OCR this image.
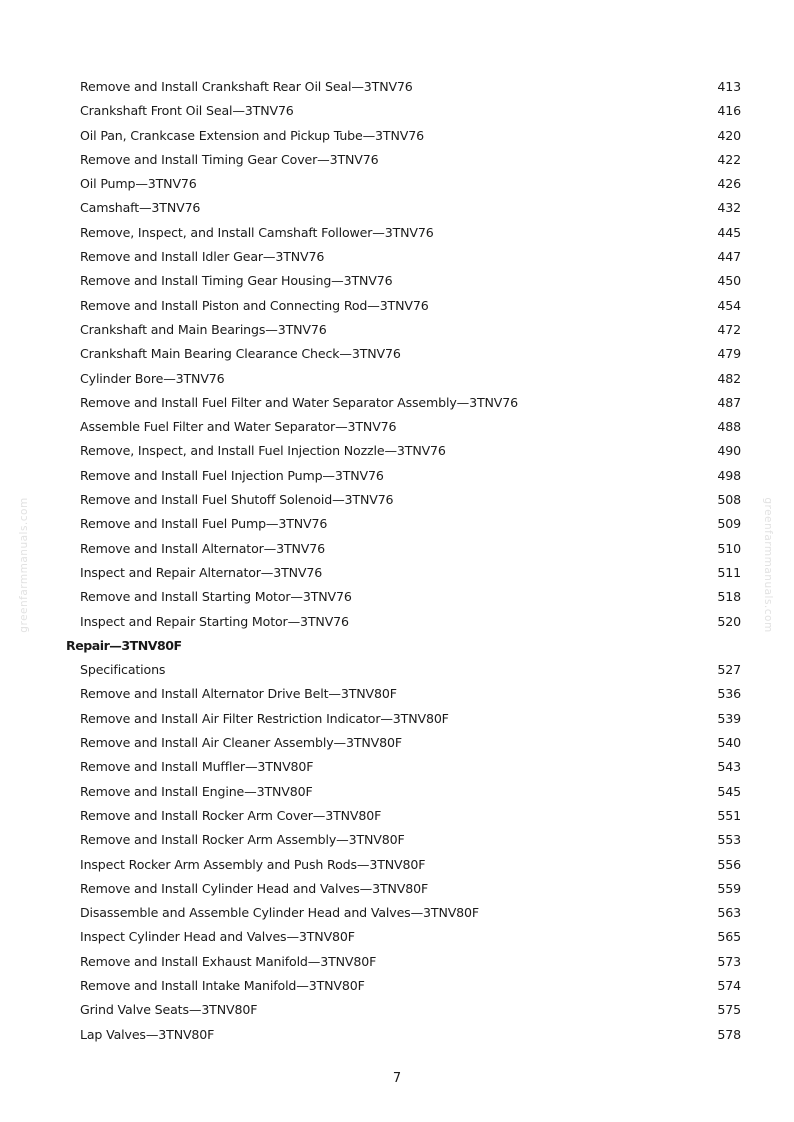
Remove and Install Crankshaft Rear Oil Seal—3TNV76	413
Crankshaft Front Oil Seal—3TNV76	416
Oil Pan, Crankcase Extension and Pickup Tube—3TNV76	420
Remove and Install Timing Gear Cover—3TNV76	422
Oil Pump—3TNV76	426
Camshaft—3TNV76	432
Remove, Inspect, and Install Camshaft Follower—3TNV76	445
Remove and Install Idler Gear—3TNV76	447
Remove and Install Timing Gear Housing—3TNV76	450
Remove and Install Piston and Connecting Rod—3TNV76	454
Crankshaft and Main Bearings—3TNV76	472
Crankshaft Main Bearing Clearance Check—3TNV76	479
Cylinder Bore—3TNV76	482
Remove and Install Fuel Filter and Water Separator Assembly—3TNV76	487
Assemble Fuel Filter and Water Separator—3TNV76	488
Remove, Inspect, and Install Fuel Injection Nozzle—3TNV76	490
Remove and Install Fuel Injection Pump—3TNV76	498
Remove and Install Fuel Shutoff Solenoid—3TNV76	508
Remove and Install Fuel Pump—3TNV76	509
Remove and Install Alternator—3TNV76	510
Inspect and Repair Alternator—3TNV76	511
Remove and Install Starting Motor—3TNV76	518
Inspect and Repair Starting Motor—3TNV76	520
Repair—3TNV80F
Specifications	527
Remove and Install Alternator Drive Belt—3TNV80F	536
Remove and Install Air Filter Restriction Indicator—3TNV80F	539
Remove and Install Air Cleaner Assembly—3TNV80F	540
Remove and Install Muffler—3TNV80F	543
Remove and Install Engine—3TNV80F	545
Remove and Install Rocker Arm Cover—3TNV80F	551
Remove and Install Rocker Arm Assembly—3TNV80F	553
Inspect Rocker Arm Assembly and Push Rods—3TNV80F	556
Remove and Install Cylinder Head and Valves—3TNV80F	559
Disassemble and Assemble Cylinder Head and Valves—3TNV80F	563
Inspect Cylinder Head and Valves—3TNV80F	565
Remove and Install Exhaust Manifold—3TNV80F	573
Remove and Install Intake Manifold—3TNV80F	574
Grind Valve Seats—3TNV80F	575
Lap Valves—3TNV80F	578
greenfarmmanuals.com	greenfarmmanuals.com
7
